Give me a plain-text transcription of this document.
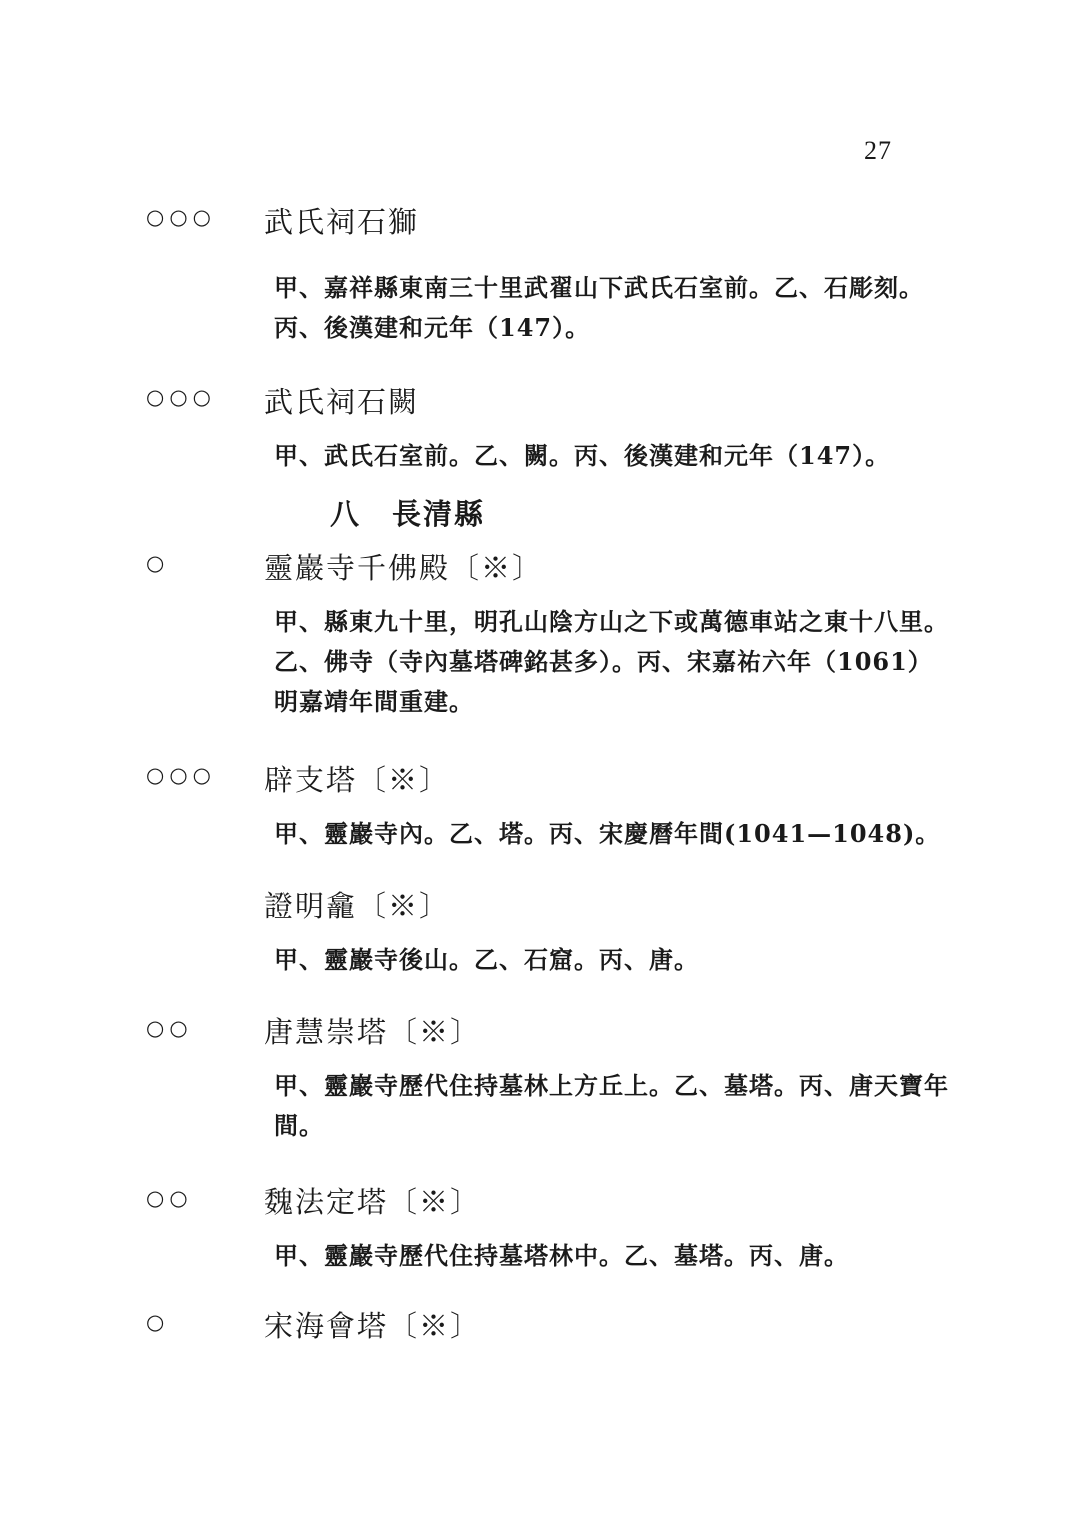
27
○○○ 武氏祠石獅
甲、嘉祥縣東南三十里武翟山下武氏石室前。乙、石彫刻。丙、後漢建和元年（147）。
○○○ 武氏祠石闕
甲、武氏石室前。乙、闕。丙、後漢建和元年（147）。
八　長清縣
○	靈巖寺千佛殿〔※〕
甲、縣東九十里，明孔山陰方山之下或萬德車站之東十八里。乙、佛寺（寺內墓塔碑銘甚多）。丙、宋嘉祐六年（1061）明嘉靖年間重建。
○○○ 辟支塔〔※〕
甲、靈巖寺內。乙、塔。丙、宋慶曆年間(1041—1048)。
證明龕〔※〕
甲、靈巖寺後山。乙、石窟。丙、唐。
○○ 唐慧崇塔〔※〕
甲、靈巖寺歷代住持墓林上方丘上。乙、墓塔。丙、唐天寶年間。
○○ 魏法定塔〔※〕
甲、靈巖寺歷代住持墓塔林中。乙、墓塔。丙、唐。
○	宋海會塔〔※〕
